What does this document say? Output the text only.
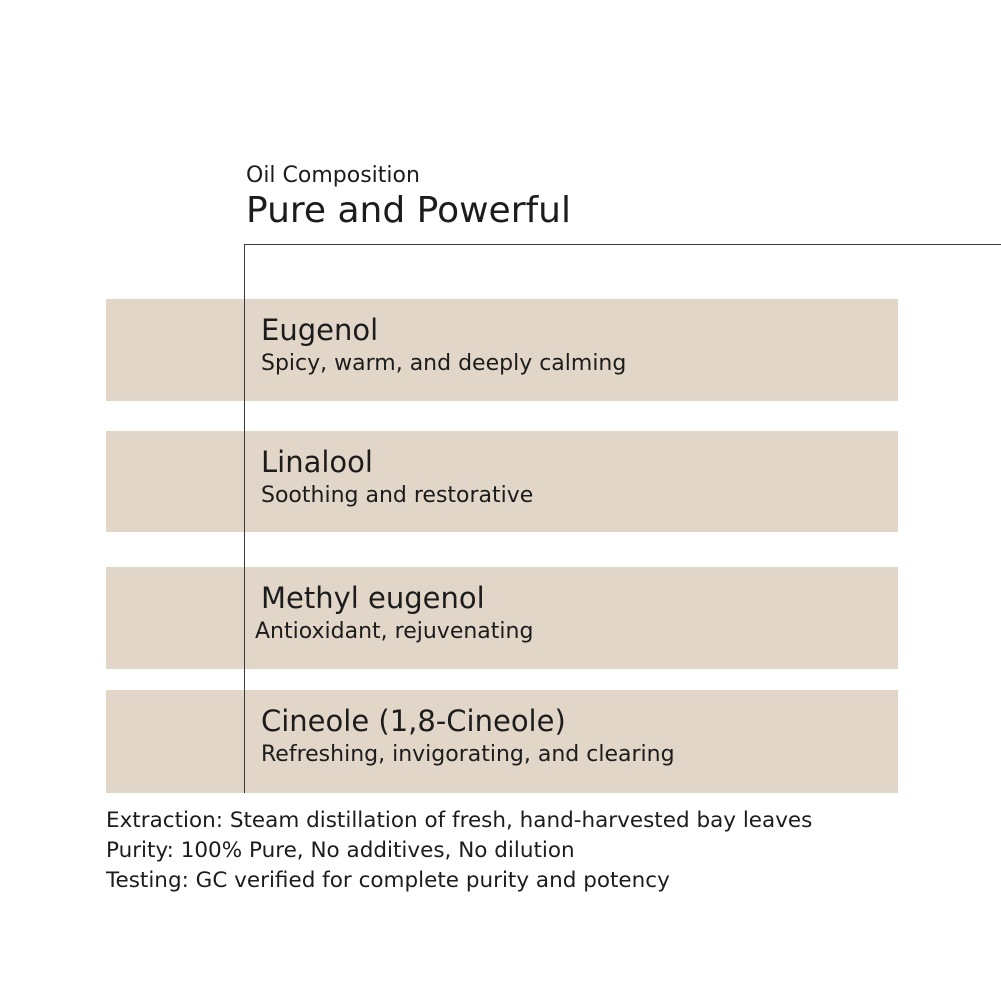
Oil Composition
Pure and Powerful
Eugenol
Spicy, warm, and deeply calming
Linalool
Soothing and restorative
Methyl eugenol
Antioxidant, rejuvenating
Cineole (1,8-Cineole)
Refreshing, invigorating, and clearing
Extraction: Steam distillation of fresh, hand-harvested bay leaves
Purity: 100% Pure, No additives, No dilution
Testing: GC verified for complete purity and potency
